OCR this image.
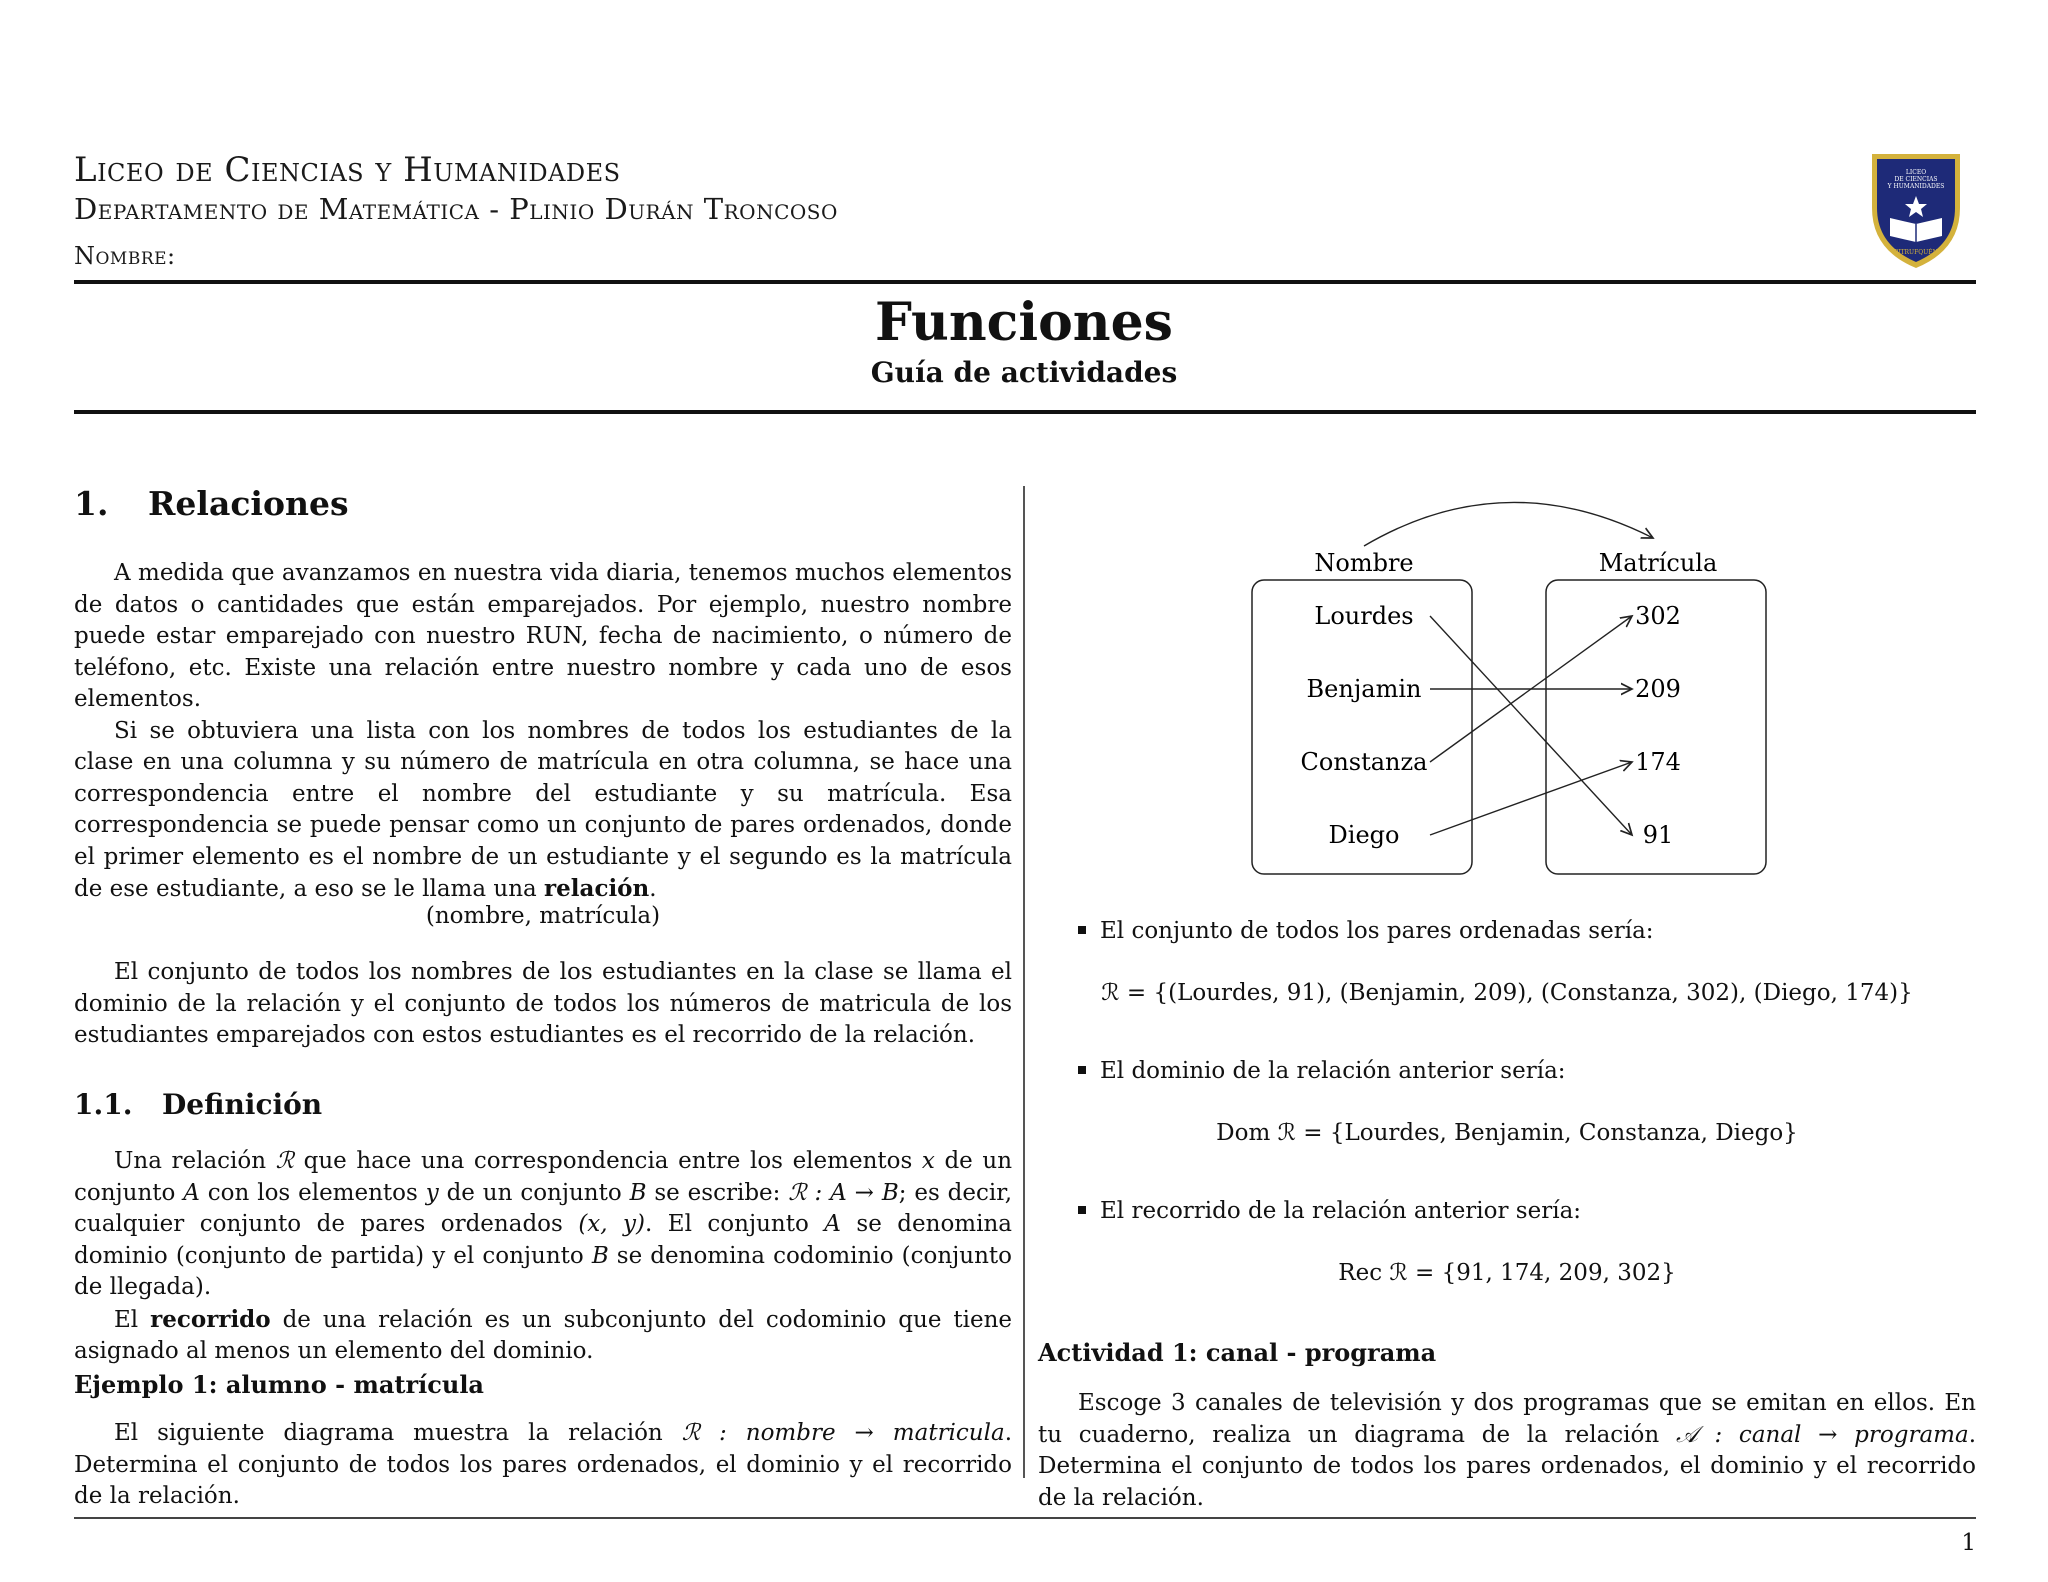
Liceo de Ciencias y Humanidades
Departamento de Matemática - Plinio Durán Troncoso
Nombre:
LICEO
DE CIENCIAS
Y HUMANIDADES
PITRUFQUÉN
Funciones
Guía de actividades
1. Relaciones

A medida que avanzamos en nuestra vida diaria, tenemos muchos elementos de datos o cantidades que están emparejados. Por ejemplo, nuestro nombre puede estar emparejado con nuestro RUN, fecha de nacimiento, o número de teléfono, etc. Existe una relación entre nuestro nombre y cada uno de esos elementos.

Si se obtuviera una lista con los nombres de todos los estudiantes de la clase en una columna y su número de matrícula en otra columna, se hace una correspondencia entre el nombre del estudiante y su matrícula. Esa correspondencia se puede pensar como un conjunto de pares ordenados, donde el primer elemento es el nombre de un estudiante y el segundo es la matrícula de ese estudiante, a eso se le llama una relación.

(nombre, matrícula)

El conjunto de todos los nombres de los estudiantes en la clase se llama el dominio de la relación y el conjunto de todos los números de matricula de los estudiantes emparejados con estos estudiantes es el recorrido de la relación.

1.1. Definición

Una relación ℛ que hace una correspondencia entre los elementos x de un conjunto A con los elementos y de un conjunto B se escribe: ℛ : A → B; es decir, cualquier conjunto de pares ordenados (x, y). El conjunto A se denomina dominio (conjunto de partida) y el conjunto B se denomina codominio (conjunto de llegada).

El recorrido de una relación es un subconjunto del codominio que tiene asignado al menos un elemento del dominio.

Ejemplo 1: alumno - matrícula

El siguiente diagrama muestra la relación ℛ : nombre → matricula. Determina el conjunto de todos los pares ordenados, el dominio y el recorrido de la relación.

Nombre	Matrícula
Lourdes
Benjamin
Constanza
Diego
302
209
174
91
El conjunto de todos los pares ordenadas sería:
ℛ = {(Lourdes, 91), (Benjamin, 209), (Constanza, 302), (Diego, 174)}
El dominio de la relación anterior sería:
Dom ℛ = {Lourdes, Benjamin, Constanza, Diego}
El recorrido de la relación anterior sería:
Rec ℛ = {91, 174, 209, 302}
Actividad 1: canal - programa

Escoge 3 canales de televisión y dos programas que se emitan en ellos. En tu cuaderno, realiza un diagrama de la relación 𝒜 : canal → programa. Determina el conjunto de todos los pares ordenados, el dominio y el recorrido de la relación.

1
